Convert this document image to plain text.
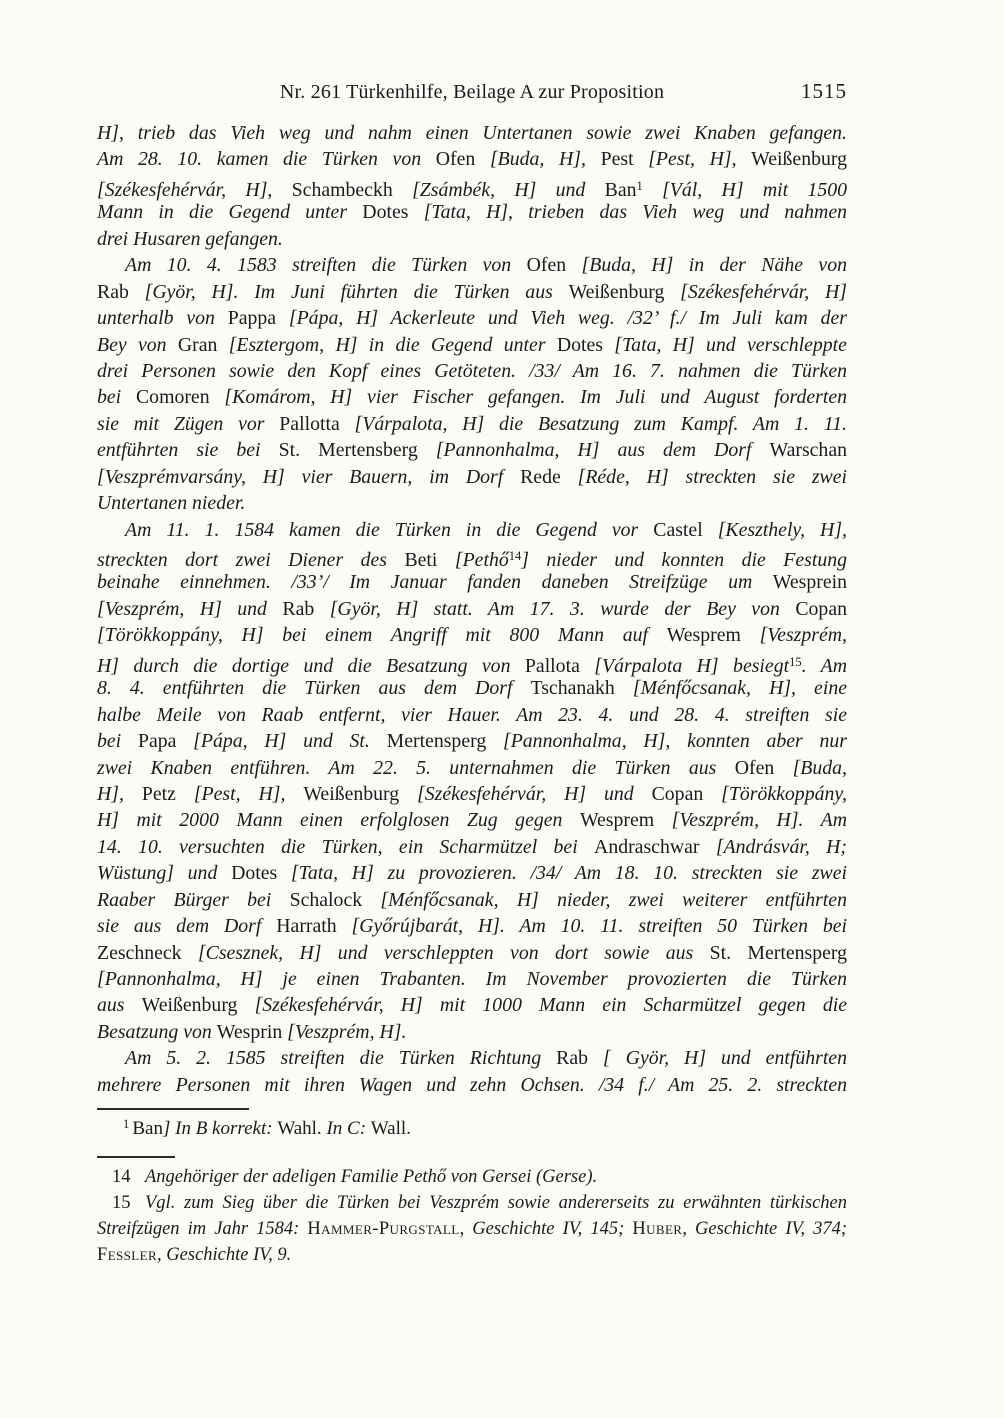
Nr. 261 Türkenhilfe, Beilage A zur Proposition	1515
H], trieb das Vieh weg und nahm einen Untertanen sowie zwei Knaben gefangen.
Am 28. 10. kamen die Türken von Ofen [Buda, H], Pest [Pest, H], Weißenburg
[Székesfehérvár, H], Schambeckh [Zsámbék, H] und Ban$^1$ [Vál, H] mit 1500
Mann in die Gegend unter Dotes [Tata, H], trieben das Vieh weg und nahmen
drei Husaren gefangen.
Am 10. 4. 1583 streiften die Türken von Ofen [Buda, H] in der Nähe von
Rab [Györ, H]. Im Juni führten die Türken aus Weißenburg [Székesfehérvár, H]
unterhalb von Pappa [Pápa, H] Ackerleute und Vieh weg. /32’ f./ Im Juli kam der
Bey von Gran [Esztergom, H] in die Gegend unter Dotes [Tata, H] und verschleppte
drei Personen sowie den Kopf eines Getöteten. /33/ Am 16. 7. nahmen die Türken
bei Comoren [Komárom, H] vier Fischer gefangen. Im Juli und August forderten
sie mit Zügen vor Pallotta [Várpalota, H] die Besatzung zum Kampf. Am 1. 11.
entführten sie bei St. Mertensberg [Pannonhalma, H] aus dem Dorf Warschan
[Veszprémvarsány, H] vier Bauern, im Dorf Rede [Réde, H] streckten sie zwei
Untertanen nieder.
Am 11. 1. 1584 kamen die Türken in die Gegend vor Castel [Keszthely, H],
streckten dort zwei Diener des Beti [Pethő$^{14}$] nieder und konnten die Festung
beinahe einnehmen. /33’/ Im Januar fanden daneben Streifzüge um Wesprein
[Veszprém, H] und Rab [Györ, H] statt. Am 17. 3. wurde der Bey von Copan
[Törökkoppány, H] bei einem Angriff mit 800 Mann auf Wesprem [Veszprém,
H] durch die dortige und die Besatzung von Pallota [Várpalota H] besiegt$^{15}$. Am
8. 4. entführten die Türken aus dem Dorf Tschanakh [Ménfőcsanak, H], eine
halbe Meile von Raab entfernt, vier Hauer. Am 23. 4. und 28. 4. streiften sie
bei Papa [Pápa, H] und St. Mertensperg [Pannonhalma, H], konnten aber nur
zwei Knaben entführen. Am 22. 5. unternahmen die Türken aus Ofen [Buda,
H], Petz [Pest, H], Weißenburg [Székesfehérvár, H] und Copan [Törökkoppány,
H] mit 2000 Mann einen erfolglosen Zug gegen Wesprem [Veszprém, H]. Am
14. 10. versuchten die Türken, ein Scharmützel bei Andraschwar [Andrásvár, H;
Wüstung] und Dotes [Tata, H] zu provozieren. /34/ Am 18. 10. streckten sie zwei
Raaber Bürger bei Schalock [Ménfőcsanak, H] nieder, zwei weiterer entführten
sie aus dem Dorf Harrath [Győrújbarát, H]. Am 10. 11. streiften 50 Türken bei
Zeschneck [Csesznek, H] und verschleppten von dort sowie aus St. Mertensperg
[Pannonhalma, H] je einen Trabanten. Im November provozierten die Türken
aus Weißenburg [Székesfehérvár, H] mit 1000 Mann ein Scharmützel gegen die
Besatzung von Wesprin [Veszprém, H].
Am 5. 2. 1585 streiften die Türken Richtung Rab [ Györ, H] und entführten
mehrere Personen mit ihren Wagen und zehn Ochsen. /34 f./ Am 25. 2. streckten
$^1$ Ban] In B korrekt: Wahl. In C: Wall.
14 Angehöriger der adeligen Familie Pethő von Gersei (Gerse).
15 Vgl. zum Sieg über die Türken bei Veszprém sowie andererseits zu erwähnten türkischen
Streifzügen im Jahr 1584: Hammer-Purgstall, Geschichte IV, 145; Huber, Geschichte IV, 374;
Fessler, Geschichte IV, 9.
